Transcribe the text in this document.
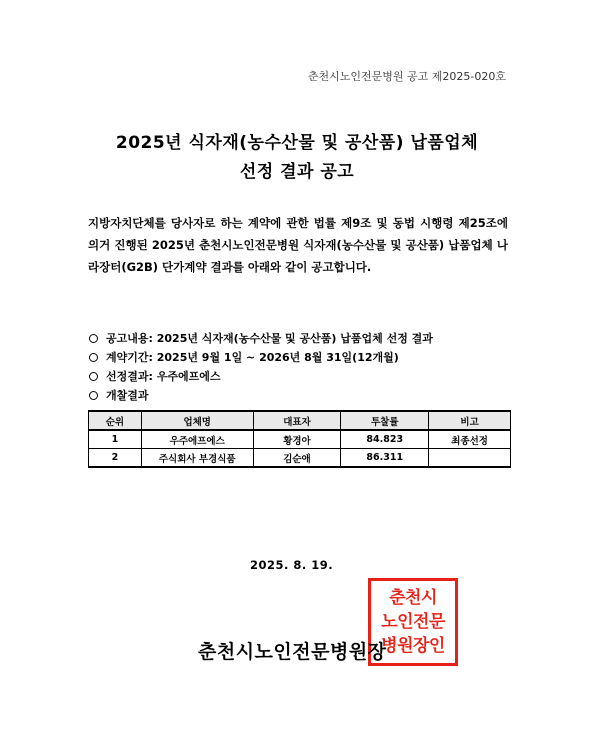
춘천시노인전문병원 공고 제2025-020호
2025년 식자재(농수산물 및 공산품) 납품업체
선정 결과 공고
지방자치단체를 당사자로 하는 계약에 관한 법률 제9조 및 동법 시행령 제25조에 의거 진행된 2025년 춘천시노인전문병원 식자재(농수산물 및 공산품) 납품업체 나라장터(G2B) 단가계약 결과를 아래와 같이 공고합니다.
공고내용: 2025년 식자재(농수산물 및 공산품) 납품업체 선정 결과
계약기간: 2025년 9월 1일 ~ 2026년 8월 31일(12개월)
선정결과: 우주에프에스
개찰결과
순위	업체명	대표자	투찰률	비고
1	우주에프에스	황경아	84.823	최종선정
2	주식회사 부경식품	김순애	86.311	
2025. 8. 19.
춘천시노인전문병원장
춘천시
노인전문
병원장인
